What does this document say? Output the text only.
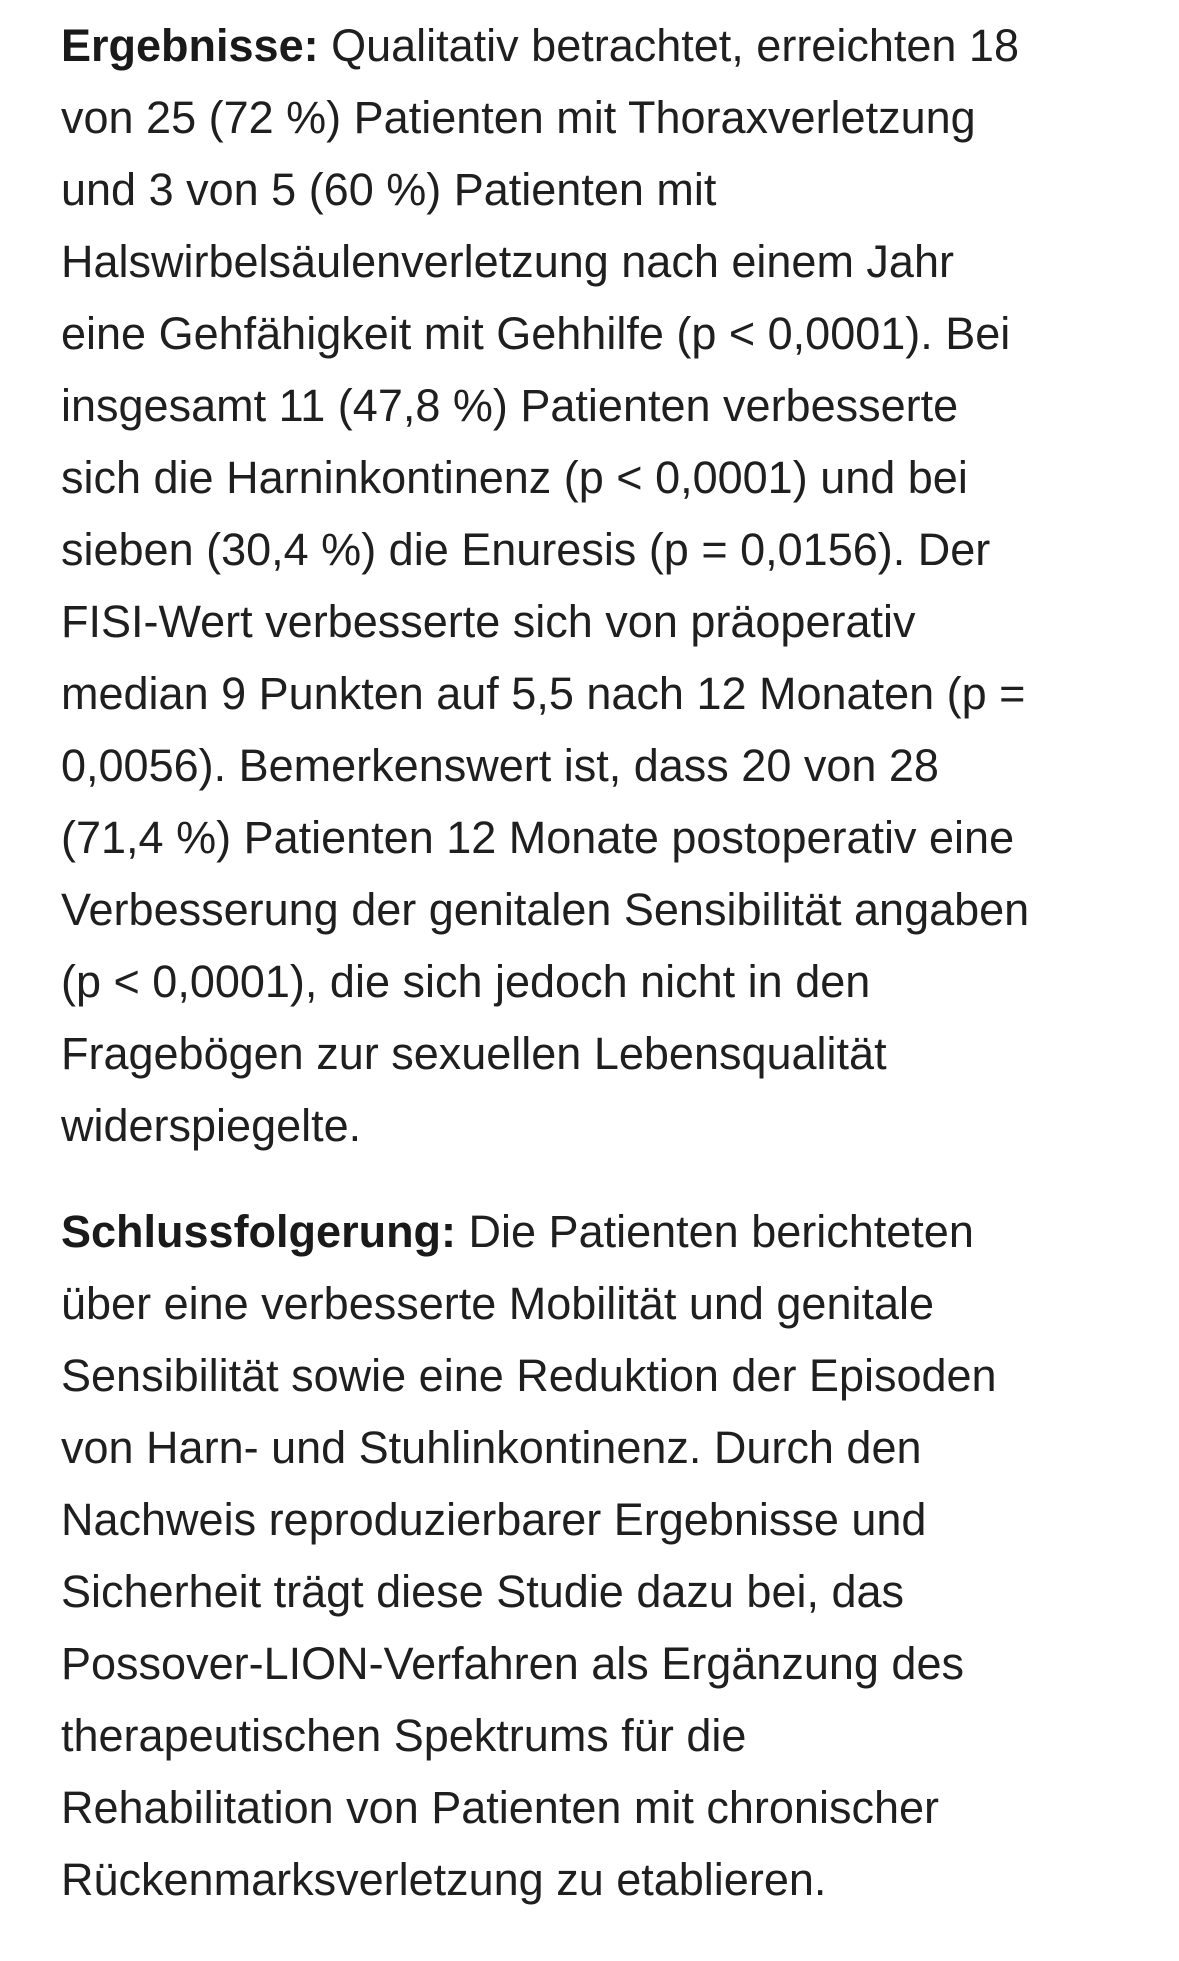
Ergebnisse: Qualitativ betrachtet, erreichten 18
von 25 (72 %) Patienten mit Thoraxverletzung
und 3 von 5 (60 %) Patienten mit
Halswirbelsäulenverletzung nach einem Jahr
eine Gehfähigkeit mit Gehhilfe (p < 0,0001). Bei
insgesamt 11 (47,8 %) Patienten verbesserte
sich die Harninkontinenz (p < 0,0001) und bei
sieben (30,4 %) die Enuresis (p = 0,0156). Der
FISI-Wert verbesserte sich von präoperativ
median 9 Punkten auf 5,5 nach 12 Monaten (p =
0,0056). Bemerkenswert ist, dass 20 von 28
(71,4 %) Patienten 12 Monate postoperativ eine
Verbesserung der genitalen Sensibilität angaben
(p < 0,0001), die sich jedoch nicht in den
Fragebögen zur sexuellen Lebensqualität
widerspiegelte.

Schlussfolgerung: Die Patienten berichteten
über eine verbesserte Mobilität und genitale
Sensibilität sowie eine Reduktion der Episoden
von Harn- und Stuhlinkontinenz. Durch den
Nachweis reproduzierbarer Ergebnisse und
Sicherheit trägt diese Studie dazu bei, das
Possover-LION-Verfahren als Ergänzung des
therapeutischen Spektrums für die
Rehabilitation von Patienten mit chronischer
Rückenmarksverletzung zu etablieren.
